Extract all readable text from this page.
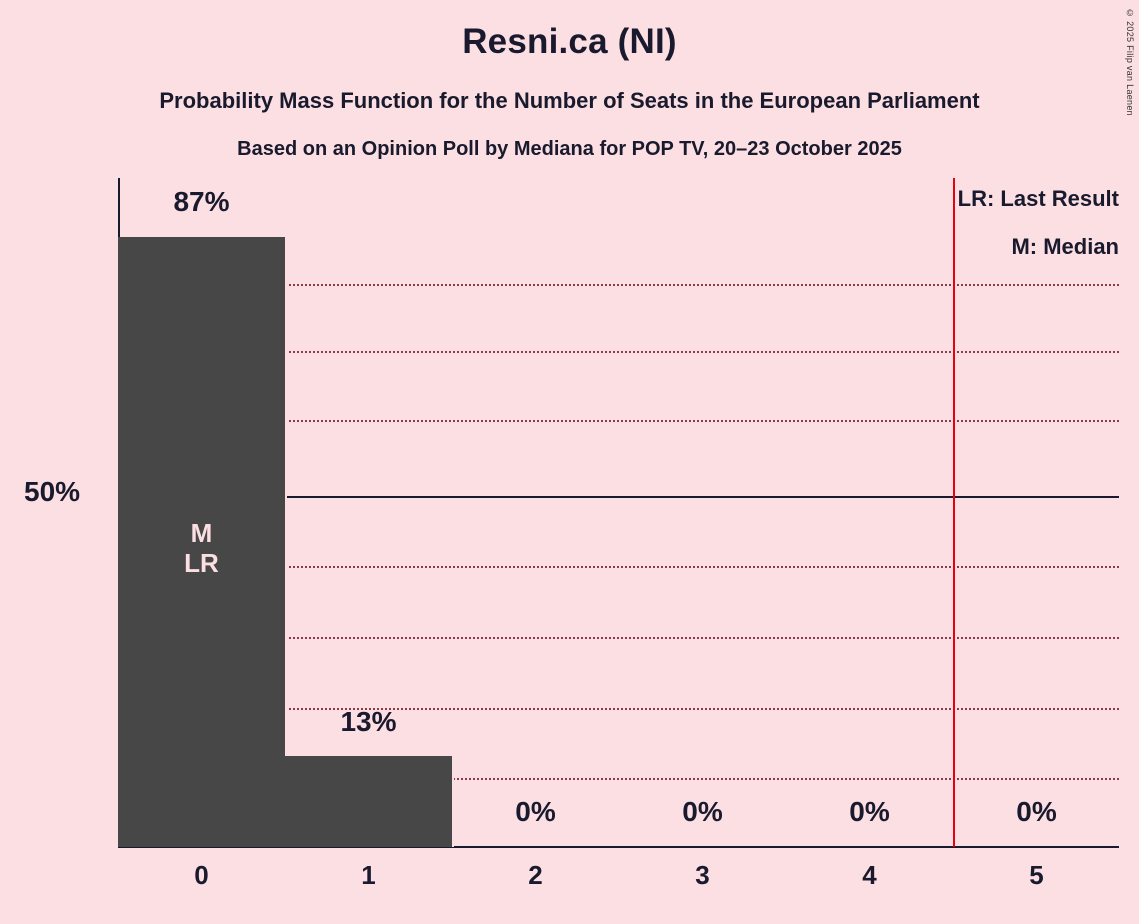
Resni.ca (NI)
Probability Mass Function for the Number of Seats in the European Parliament
Based on an Opinion Poll by Mediana for POP TV, 20–23 October 2025
© 2025 Filip van Laenen
50%
LR: Last Result
M: Median
M
LR
87%
13%
0%	0%	0%	0%
0	1	2	3	4	5
